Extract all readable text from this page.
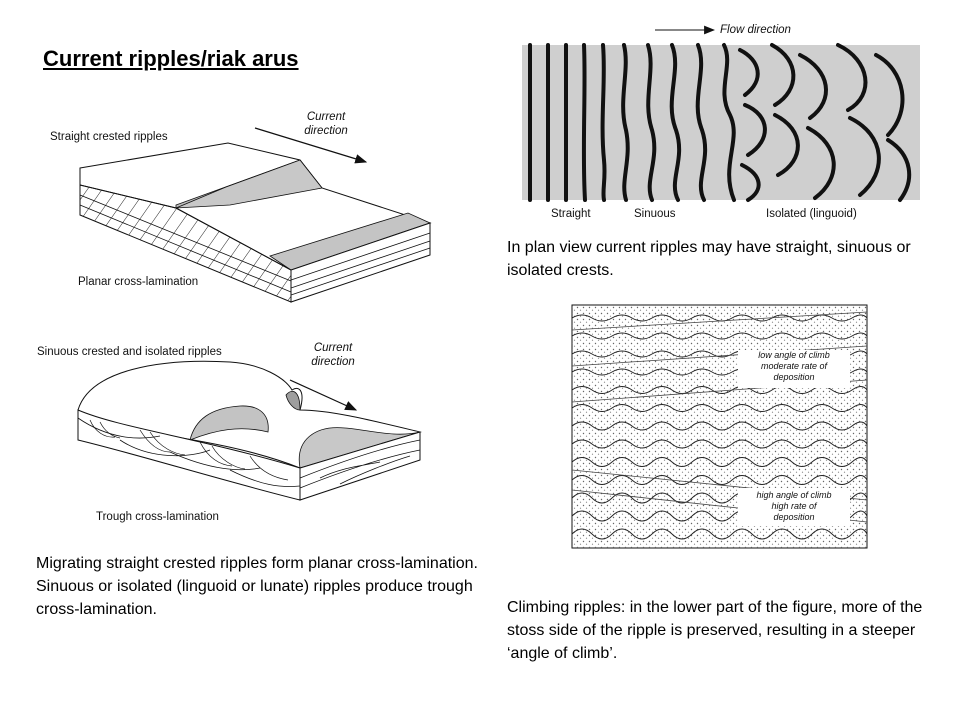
Current ripples/riak arus
Straight crested ripples
Current
direction
Planar cross-lamination
Sinuous crested and isolated ripples	Current
direction
Trough cross-lamination
Flow direction
Straight	Sinuous	Isolated (linguoid)
low angle of climb
moderate rate of
deposition
high angle of climb
high rate of
deposition
In plan view current ripples may have straight, sinuous or isolated crests.
Migrating straight crested ripples form planar cross-lamination. Sinuous or isolated (linguoid or lunate) ripples produce trough cross-lamination.	Climbing ripples: in the lower part of the figure, more of the stoss side of the ripple is preserved, resulting in a steeper ‘angle of climb’.
